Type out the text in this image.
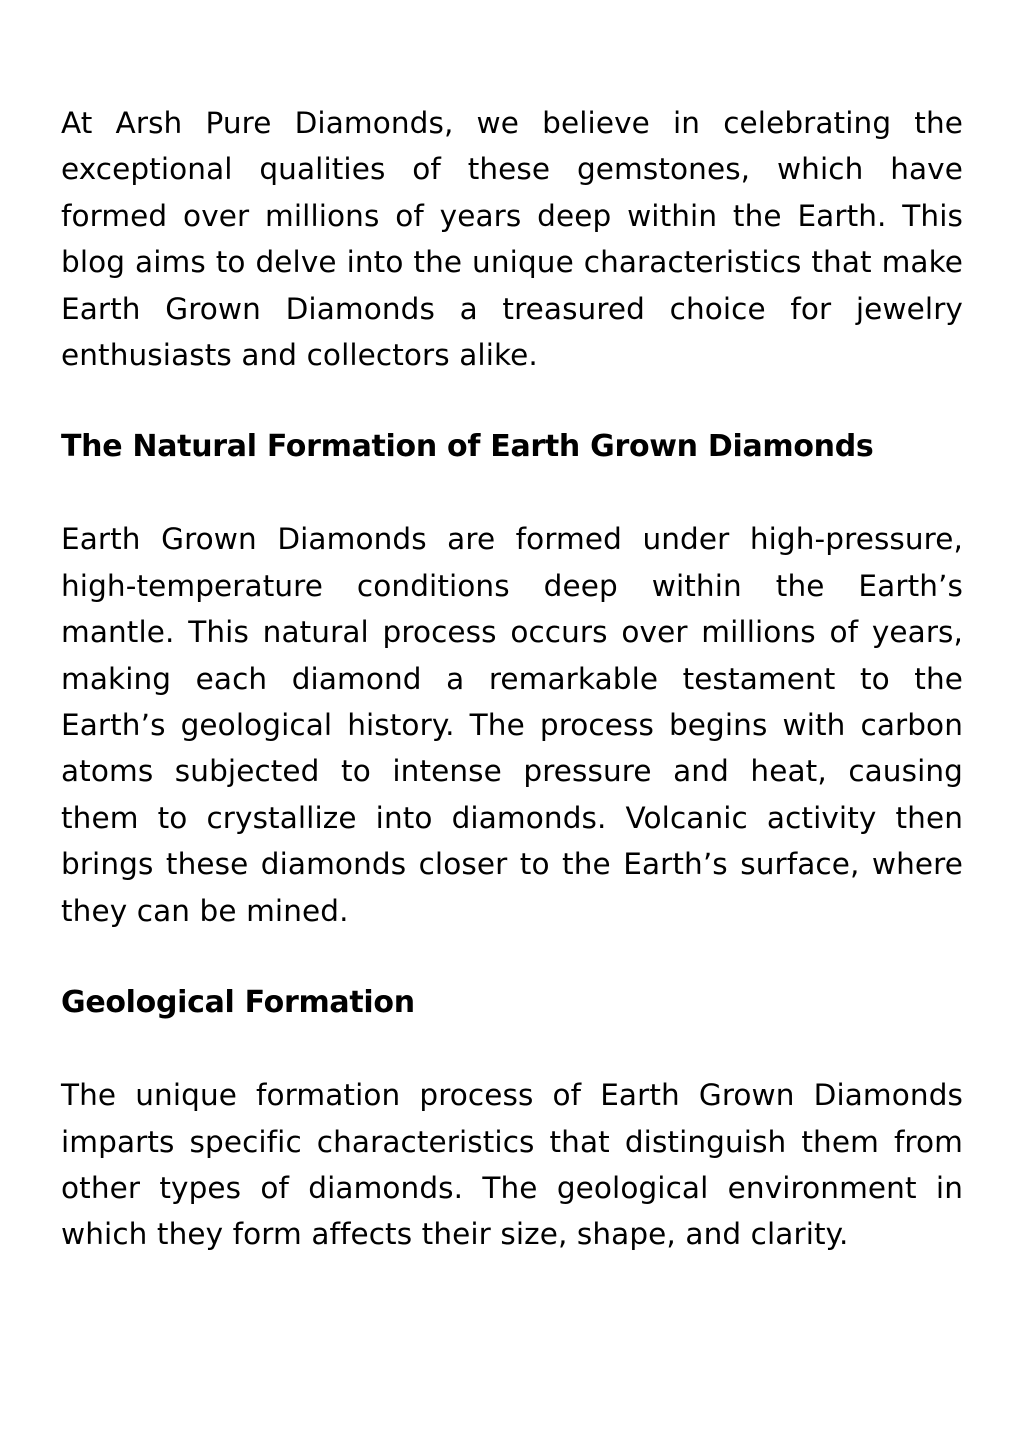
At Arsh Pure Diamonds, we believe in celebrating the exceptional qualities of these gemstones, which have formed over millions of years deep within the Earth. This blog aims to delve into the unique characteristics that make Earth Grown Diamonds a treasured choice for jewelry enthusiasts and collectors alike.

The Natural Formation of Earth Grown Diamonds

Earth Grown Diamonds are formed under high-pressure, high-temperature conditions deep within the Earth’s mantle. This natural process occurs over millions of years, making each diamond a remarkable testament to the Earth’s geological history. The process begins with carbon atoms subjected to intense pressure and heat, causing them to crystallize into diamonds. Volcanic activity then brings these diamonds closer to the Earth’s surface, where they can be mined.

Geological Formation

The unique formation process of Earth Grown Diamonds imparts specific characteristics that distinguish them from other types of diamonds. The geological environment in which they form affects their size, shape, and clarity.
